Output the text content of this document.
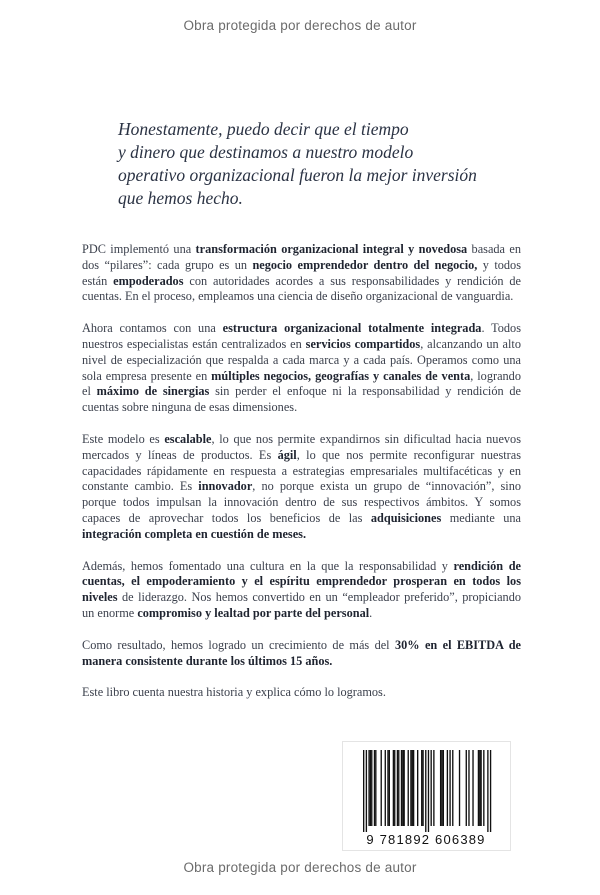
Obra protegida por derechos de autor
Honestamente, puedo decir que el tiempo
y dinero que destinamos a nuestro modelo
operativo organizacional fueron la mejor inversión
que hemos hecho.

PDC implementó una transformación organizacional integral y novedosa basada en dos “pilares”: cada grupo es un negocio emprendedor dentro del negocio, y todos están empoderados con autoridades acordes a sus responsabilidades y rendición de cuentas. En el proceso, empleamos una ciencia de diseño organizacional de vanguardia.

Ahora contamos con una estructura organizacional totalmente integrada. Todos nuestros especialistas están centralizados en servicios compartidos, alcanzando un alto nivel de especialización que respalda a cada marca y a cada país. Operamos como una sola empresa presente en múltiples negocios, geografías y canales de venta, logrando el máximo de sinergias sin perder el enfoque ni la responsabilidad y rendición de cuentas sobre ninguna de esas dimensiones.

Este modelo es escalable, lo que nos permite expandirnos sin dificultad hacia nuevos mercados y líneas de productos. Es ágil, lo que nos permite reconfigurar nuestras capacidades rápidamente en respuesta a estrategias empresariales multifacéticas y en constante cambio. Es innovador, no porque exista un grupo de “innovación”, sino porque todos impulsan la innovación dentro de sus respectivos ámbitos. Y somos capaces de aprovechar todos los beneficios de las adquisiciones mediante una integración completa en cuestión de meses.

Además, hemos fomentado una cultura en la que la responsabilidad y rendición de cuentas, el empoderamiento y el espíritu emprendedor prosperan en todos los niveles de liderazgo. Nos hemos convertido en un “empleador preferido”, propiciando un enorme compromiso y lealtad por parte del personal.

Como resultado, hemos logrado un crecimiento de más del 30% en el EBITDA de manera consistente durante los últimos 15 años.

Este libro cuenta nuestra historia y explica cómo lo logramos.

9 781892 606389
Obra protegida por derechos de autor
